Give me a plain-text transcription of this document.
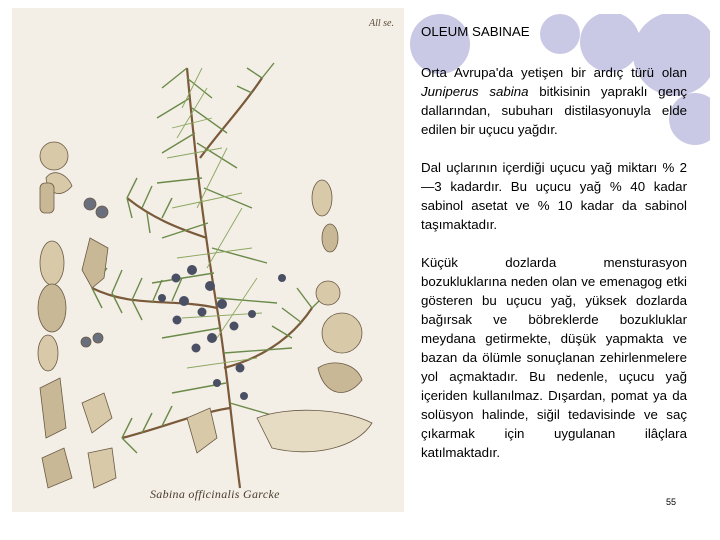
All se.
Sabina officinalis Garcke
OLEUM SABINAE

Orta Avrupa'da yetişen bir ardıç türü olan Juniperus sabina bitkisinin yapraklı genç dallarından, subuharı distilasyonuyla elde edilen bir uçucu yağdır.

Dal uçlarının içerdiği uçucu yağ miktarı % 2—3 kadardır. Bu uçucu yağ % 40 kadar sabinol asetat ve % 10 kadar da sabinol taşımaktadır.

Küçük dozlarda mensturasyon bozukluklarına neden olan ve emenagog etki gösteren bu uçucu yağ, yüksek dozlarda bağırsak ve böbreklerde bozukluklar meydana getirmekte, düşük yapmakta ve bazan da ölümle sonuçlanan zehirlenmelere yol açmaktadır. Bu nedenle, uçucu yağ içeriden kullanılmaz. Dışardan, pomat ya da solüsyon halinde, siğil tedavisinde ve saç çıkarmak için uygulanan ilâçlara katılmaktadır.

55
